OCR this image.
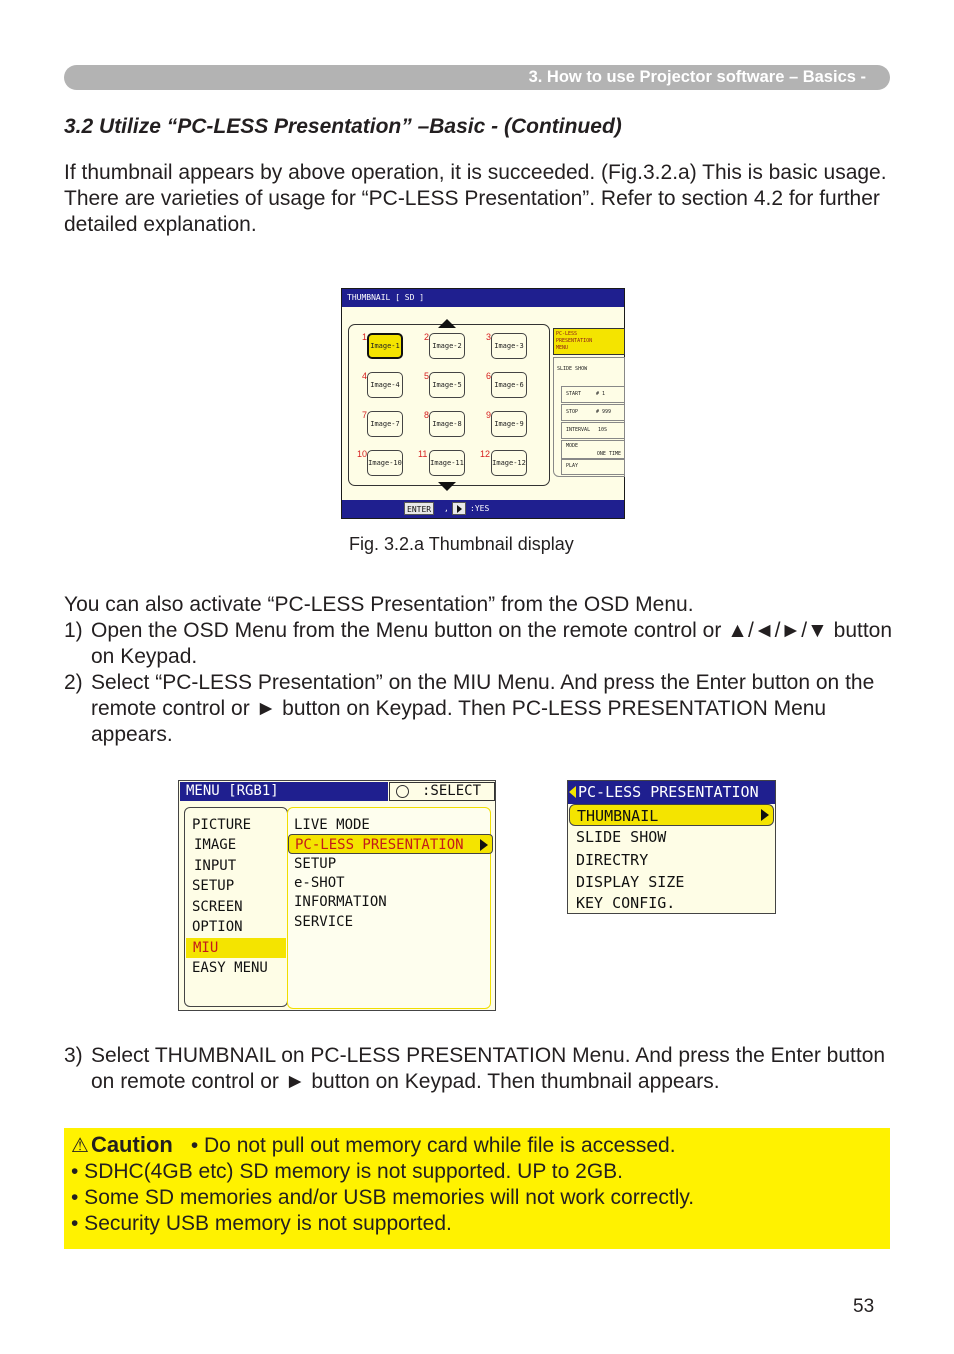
3. How to use Projector software – Basics -
3.2 Utilize “PC-LESS Presentation” –Basic - (Continued)
If thumbnail appears by above operation, it is succeeded. (Fig.3.2.a) This is basic usage. There are varieties of usage for “PC-LESS Presentation”. Refer to section 4.2 for further detailed explanation.
THUMBNAIL [ SD ]
1	2	3
4	5	6
7	8	9
10	11	12
Image-1	Image-2	Image-3
Image-4	Image-5	Image-6
Image-7	Image-8	Image-9
Image-10	Image-11	Image-12
PC-LESS
PRESENTATION
MENU
SLIDE SHOW
START	# 1
STOP	# 999
INTERVAL 10S
MODE
ONE TIME
PLAY
ENTER	,	:YES
Fig. 3.2.a Thumbnail display
You can also activate “PC-LESS Presentation” from the OSD Menu.
1) Open the OSD Menu from the Menu button on the remote control or ▲/◄/►/▼ button on Keypad.
2) Select “PC-LESS Presentation” on the MIU Menu. And press the Enter button on the remote control or ► button on Keypad. Then PC-LESS PRESENTATION Menu appears.
MENU [RGB1]	:SELECT
PICTURE
IMAGE
INPUT
SETUP
SCREEN
OPTION
MIU
EASY MENU
LIVE MODE
PC-LESS PRESENTATION
SETUP
e-SHOT
INFORMATION
SERVICE
PC-LESS PRESENTATION
THUMBNAIL
SLIDE SHOW
DIRECTRY
DISPLAY SIZE
KEY CONFIG.
3) Select THUMBNAIL on PC-LESS PRESENTATION Menu. And press the Enter button on remote control or ► button on Keypad. Then thumbnail appears.
⚠Caution • Do not pull out memory card while file is accessed.
• SDHC(4GB etc) SD memory is not supported. UP to 2GB.
• Some SD memories and/or USB memories will not work correctly.
• Security USB memory is not supported.
53
